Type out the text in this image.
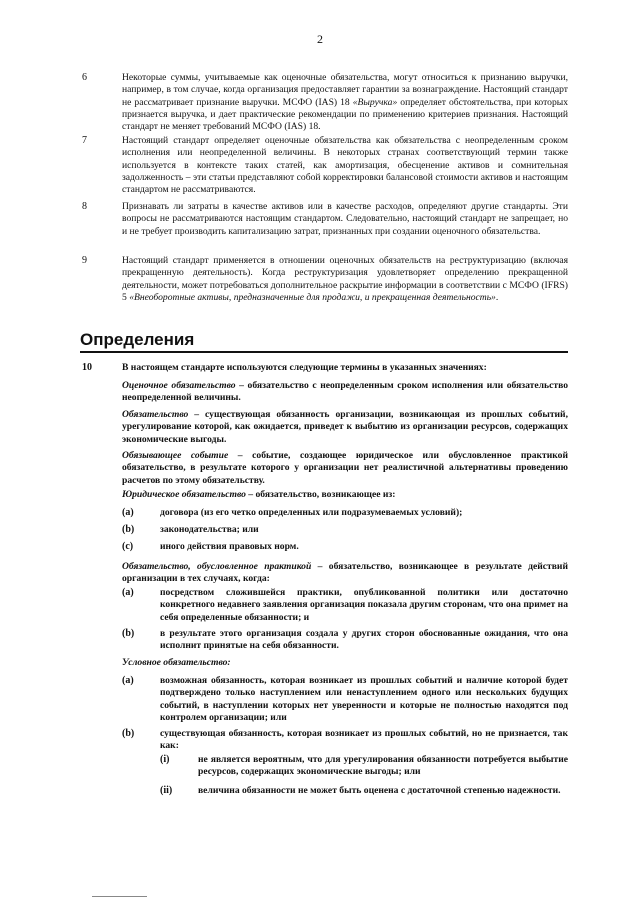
2
6	Некоторые суммы, учитываемые как оценочные обязательства, могут относиться к признанию выручки, например, в том случае, когда организация предоставляет гарантии за вознаграждение. Настоящий стандарт не рассматривает признание выручки. МСФО (IAS) 18 «Выручка» определяет обстоятельства, при которых признается выручка, и дает практические рекомендации по применению критериев признания. Настоящий стандарт не меняет требований МСФО (IAS) 18.
7	Настоящий стандарт определяет оценочные обязательства как обязательства с неопределенным сроком исполнения или неопределенной величины. В некоторых странах соответствующий термин также используется в контексте таких статей, как амортизация, обесценение активов и сомнительная задолженность – эти статьи представляют собой корректировки балансовой стоимости активов и настоящим стандартом не рассматриваются.
8	Признавать ли затраты в качестве активов или в качестве расходов, определяют другие стандарты. Эти вопросы не рассматриваются настоящим стандартом. Следовательно, настоящий стандарт не запрещает, но и не требует производить капитализацию затрат, признанных при создании оценочного обязательства.
9	Настоящий стандарт применяется в отношении оценочных обязательств на реструктуризацию (включая прекращенную деятельность). Когда реструктуризация удовлетворяет определению прекращенной деятельности, может потребоваться дополнительное раскрытие информации в соответствии с МСФО (IFRS) 5 «Внеоборотные активы, предназначенные для продажи, и прекращенная деятельность».
Определения
10	В настоящем стандарте используются следующие термины в указанных значениях:
Оценочное обязательство – обязательство с неопределенным сроком исполнения или обязательство неопределенной величины.
Обязательство – существующая обязанность организации, возникающая из прошлых событий, урегулирование которой, как ожидается, приведет к выбытию из организации ресурсов, содержащих экономические выгоды.
Обязывающее событие – событие, создающее юридическое или обусловленное практикой обязательство, в результате которого у организации нет реалистичной альтернативы проведению расчетов по этому обязательству.
Юридическое обязательство – обязательство, возникающее из:
(a)	договора (из его четко определенных или подразумеваемых условий);
(b)	законодательства; или
(c)	иного действия правовых норм.
Обязательство, обусловленное практикой – обязательство, возникающее в результате действий организации в тех случаях, когда:
(a)	посредством сложившейся практики, опубликованной политики или достаточно конкретного недавнего заявления организация показала другим сторонам, что она примет на себя определенные обязанности; и
(b)	в результате этого организация создала у других сторон обоснованные ожидания, что она исполнит принятые на себя обязанности.
Условное обязательство:
(a)	возможная обязанность, которая возникает из прошлых событий и наличие которой будет подтверждено только наступлением или ненаступлением одного или нескольких будущих событий, в наступлении которых нет уверенности и которые не полностью находятся под контролем организации; или
(b)	существующая обязанность, которая возникает из прошлых событий, но не признается, так как:
(i)	не является вероятным, что для урегулирования обязанности потребуется выбытие ресурсов, содержащих экономические выгоды; или
(ii)	величина обязанности не может быть оценена с достаточной степенью надежности.
